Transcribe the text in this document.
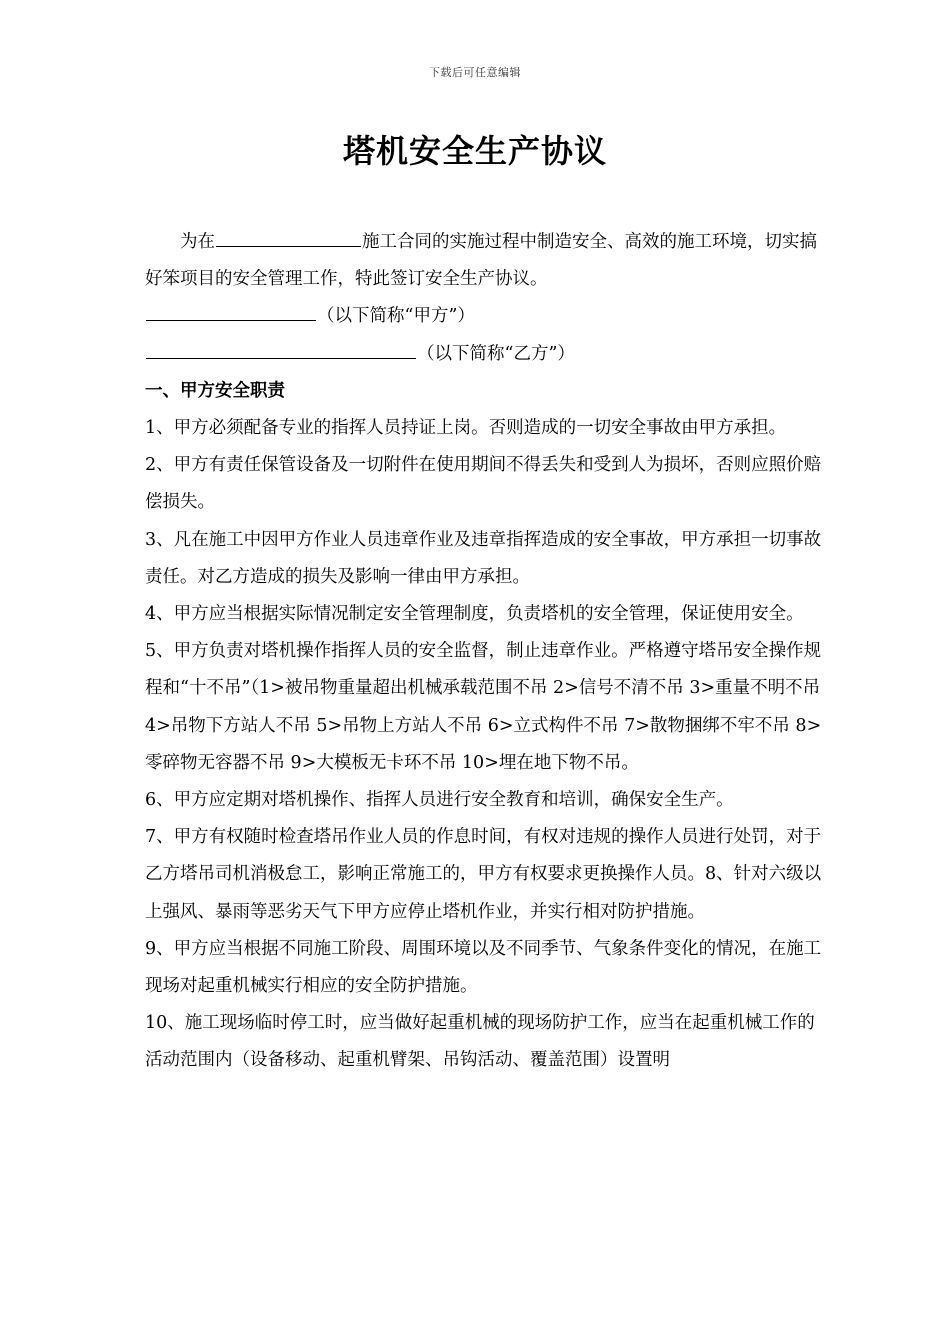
下载后可任意编辑
塔机安全生产协议

为在	施工合同的实施过程中制造安全、高效的施工环境，切实搞好笨项目的安全管理工作，特此签订安全生产协议。

（以下简称“甲方”）

（以下简称“乙方”）

一、甲方安全职责

1、甲方必须配备专业的指挥人员持证上岗。否则造成的一切安全事故由甲方承担。

2、甲方有责任保管设备及一切附件在使用期间不得丢失和受到人为损坏，否则应照价赔偿损失。

3、凡在施工中因甲方作业人员违章作业及违章指挥造成的安全事故，甲方承担一切事故责任。对乙方造成的损失及影响一律由甲方承担。

4、甲方应当根据实际情况制定安全管理制度，负责塔机的安全管理，保证使用安全。

5、甲方负责对塔机操作指挥人员的安全监督，制止违章作业。严格遵守塔吊安全操作规程和“十不吊”（1>被吊物重量超出机械承载范围不吊 2>信号不清不吊 3>重量不明不吊 4>吊物下方站人不吊 5>吊物上方站人不吊 6>立式构件不吊 7>散物捆绑不牢不吊 8>零碎物无容器不吊 9>大模板无卡环不吊 10>埋在地下物不吊。

6、甲方应定期对塔机操作、指挥人员进行安全教育和培训，确保安全生产。

7、甲方有权随时检查塔吊作业人员的作息时间，有权对违规的操作人员进行处罚，对于乙方塔吊司机消极怠工，影响正常施工的，甲方有权要求更换操作人员。8、针对六级以上强风、暴雨等恶劣天气下甲方应停止塔机作业，并实行相对防护措施。

9、甲方应当根据不同施工阶段、周围环境以及不同季节、气象条件变化的情况，在施工现场对起重机械实行相应的安全防护措施。

10、施工现场临时停工时，应当做好起重机械的现场防护工作，应当在起重机械工作的活动范围内（设备移动、起重机臂架、吊钩活动、覆盖范围）设置明
